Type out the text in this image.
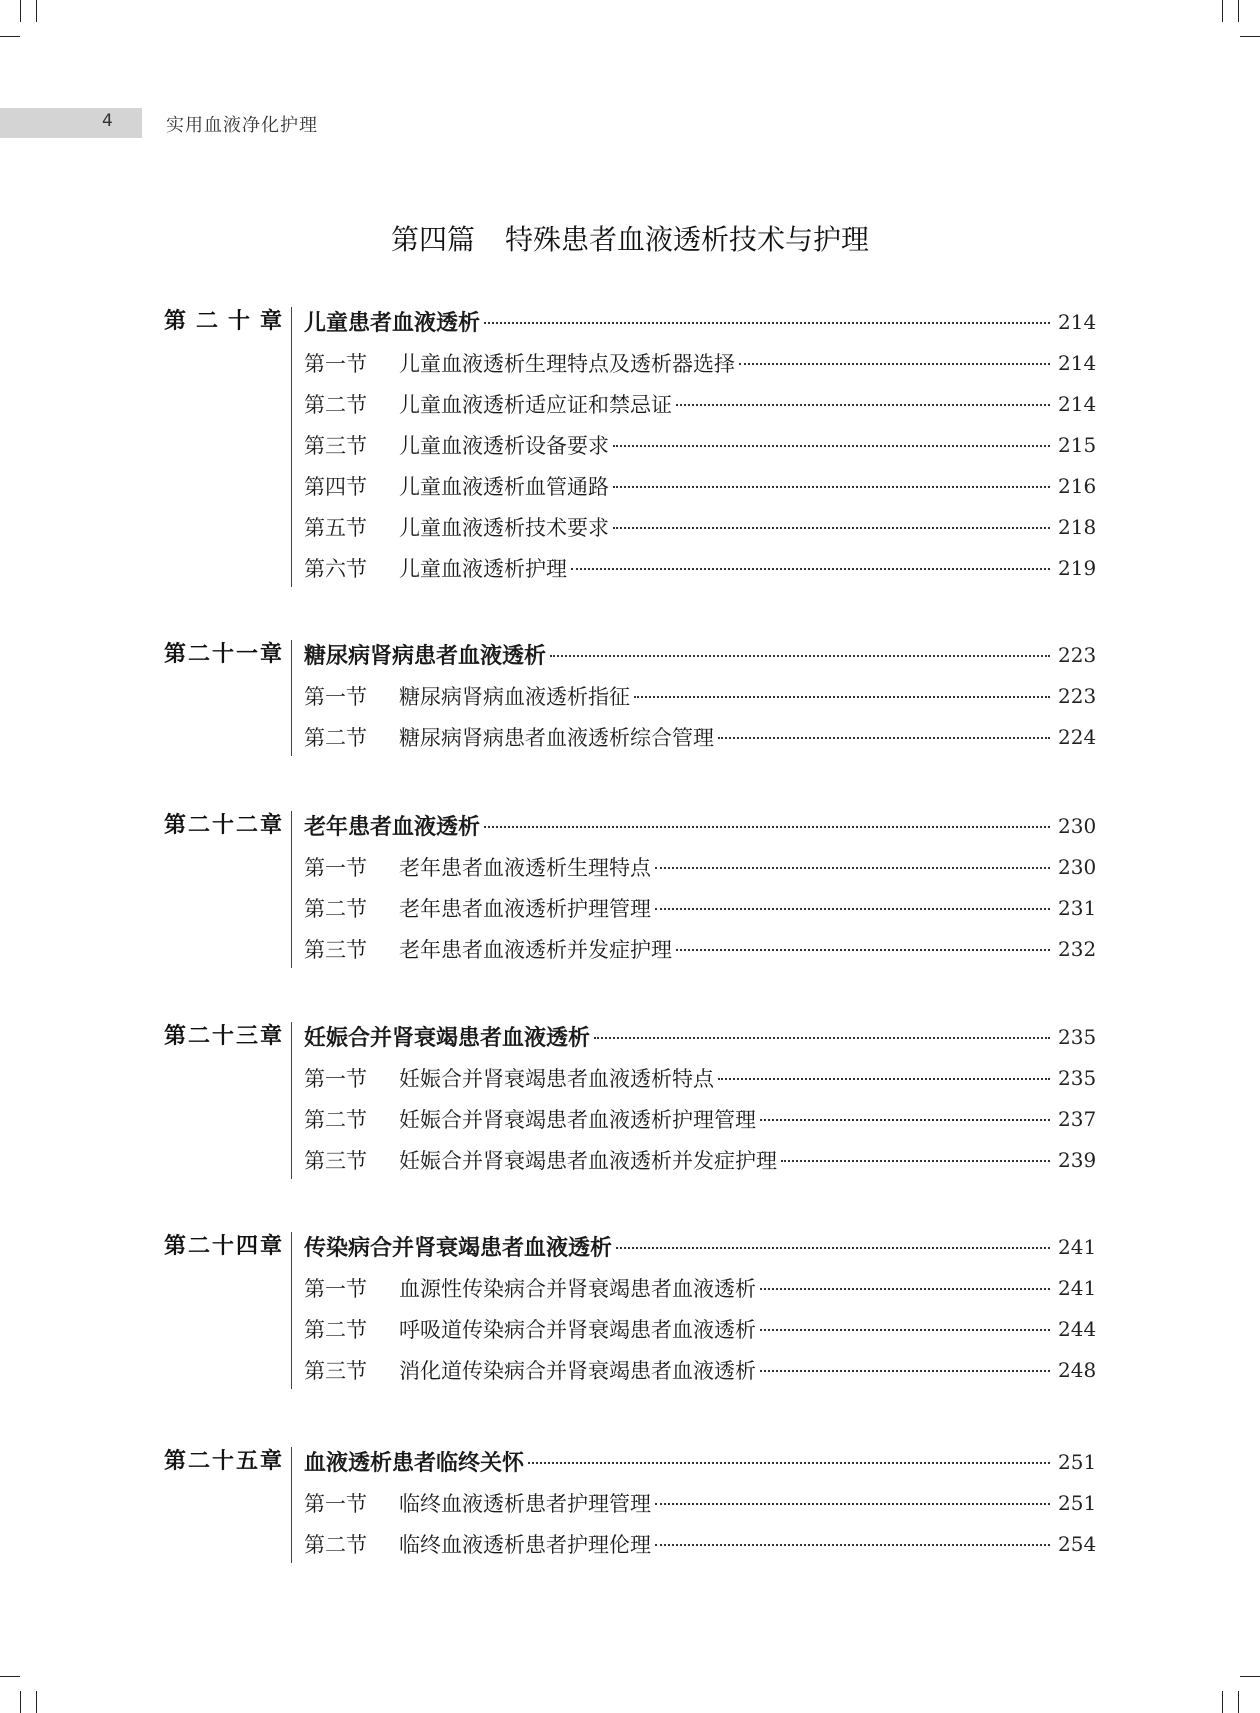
4	实用血液净化护理
第四篇 特殊患者血液透析技术与护理
第二十章 儿童患者血液透析	214
第一节	儿童血液透析生理特点及透析器选择	214
第二节	儿童血液透析适应证和禁忌证	214
第三节	儿童血液透析设备要求	215
第四节	儿童血液透析血管通路	216
第五节	儿童血液透析技术要求	218
第六节	儿童血液透析护理	219
第二十一章 糖尿病肾病患者血液透析	223
第一节	糖尿病肾病血液透析指征	223
第二节	糖尿病肾病患者血液透析综合管理	224
第二十二章 老年患者血液透析	230
第一节	老年患者血液透析生理特点	230
第二节	老年患者血液透析护理管理	231
第三节	老年患者血液透析并发症护理	232
第二十三章 妊娠合并肾衰竭患者血液透析	235
第一节	妊娠合并肾衰竭患者血液透析特点	235
第二节	妊娠合并肾衰竭患者血液透析护理管理	237
第三节	妊娠合并肾衰竭患者血液透析并发症护理	239
第二十四章 传染病合并肾衰竭患者血液透析	241
第一节	血源性传染病合并肾衰竭患者血液透析	241
第二节	呼吸道传染病合并肾衰竭患者血液透析	244
第三节	消化道传染病合并肾衰竭患者血液透析	248
第二十五章 血液透析患者临终关怀	251
第一节	临终血液透析患者护理管理	251
第二节	临终血液透析患者护理伦理	254
